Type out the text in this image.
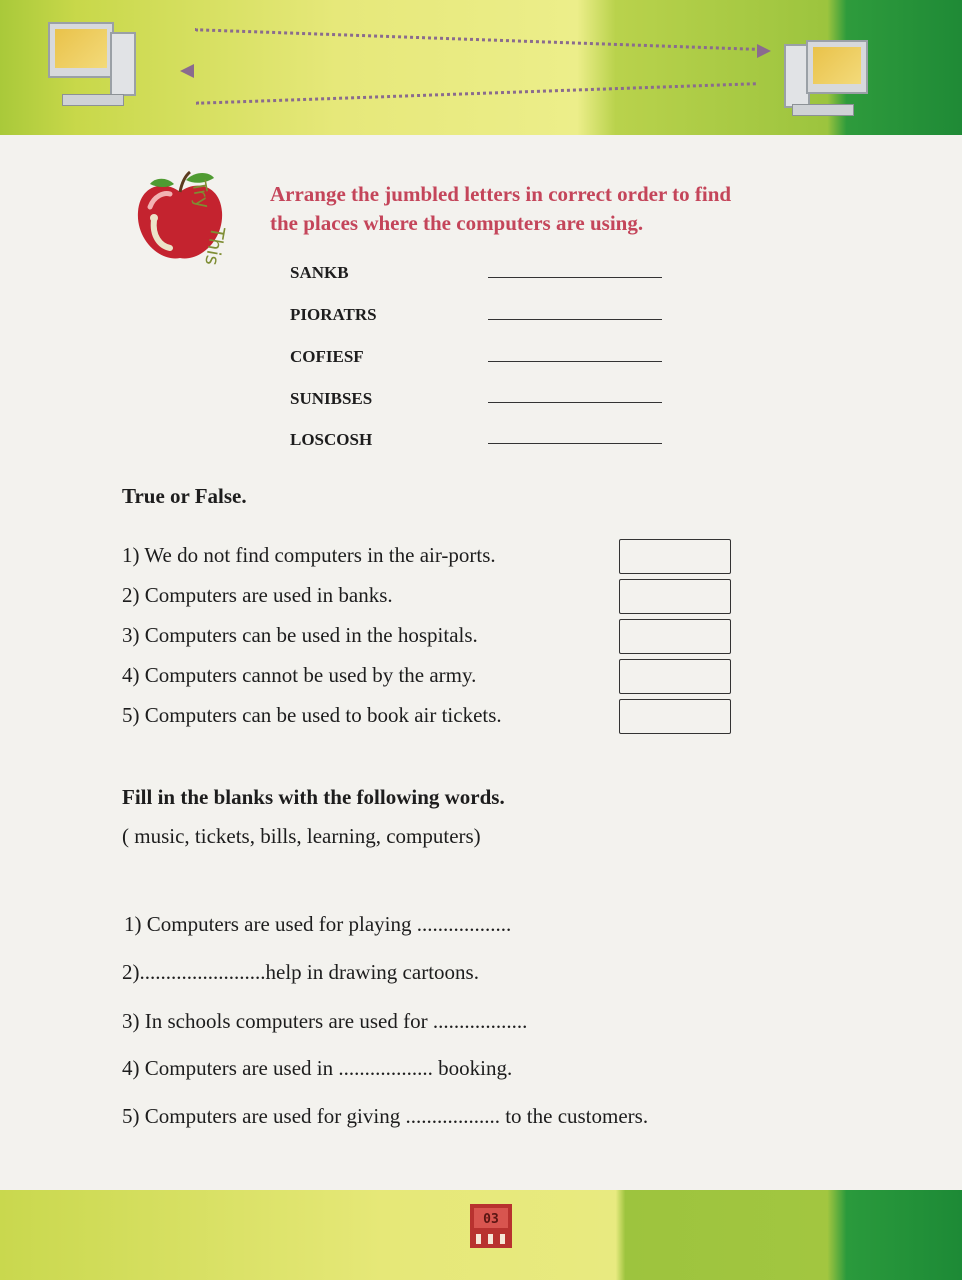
Try
This
Arrange the jumbled letters in correct order to find
the places where the computers are using.
SANKB
PIORATRS
COFIESF
SUNIBSES
LOSCOSH
True or False.
1) We do not find computers in the air-ports.
2) Computers are used in banks.
3) Computers can be used in the hospitals.
4) Computers cannot be used by the army.
5) Computers can be used to book air tickets.
Fill in the blanks with the following words.
( music, tickets, bills, learning, computers)
1) Computers are used for playing ..................
2)........................help in drawing cartoons.
3) In schools computers are used for ..................
4) Computers are used in .................. booking.
5) Computers are used for giving .................. to the customers.
03
